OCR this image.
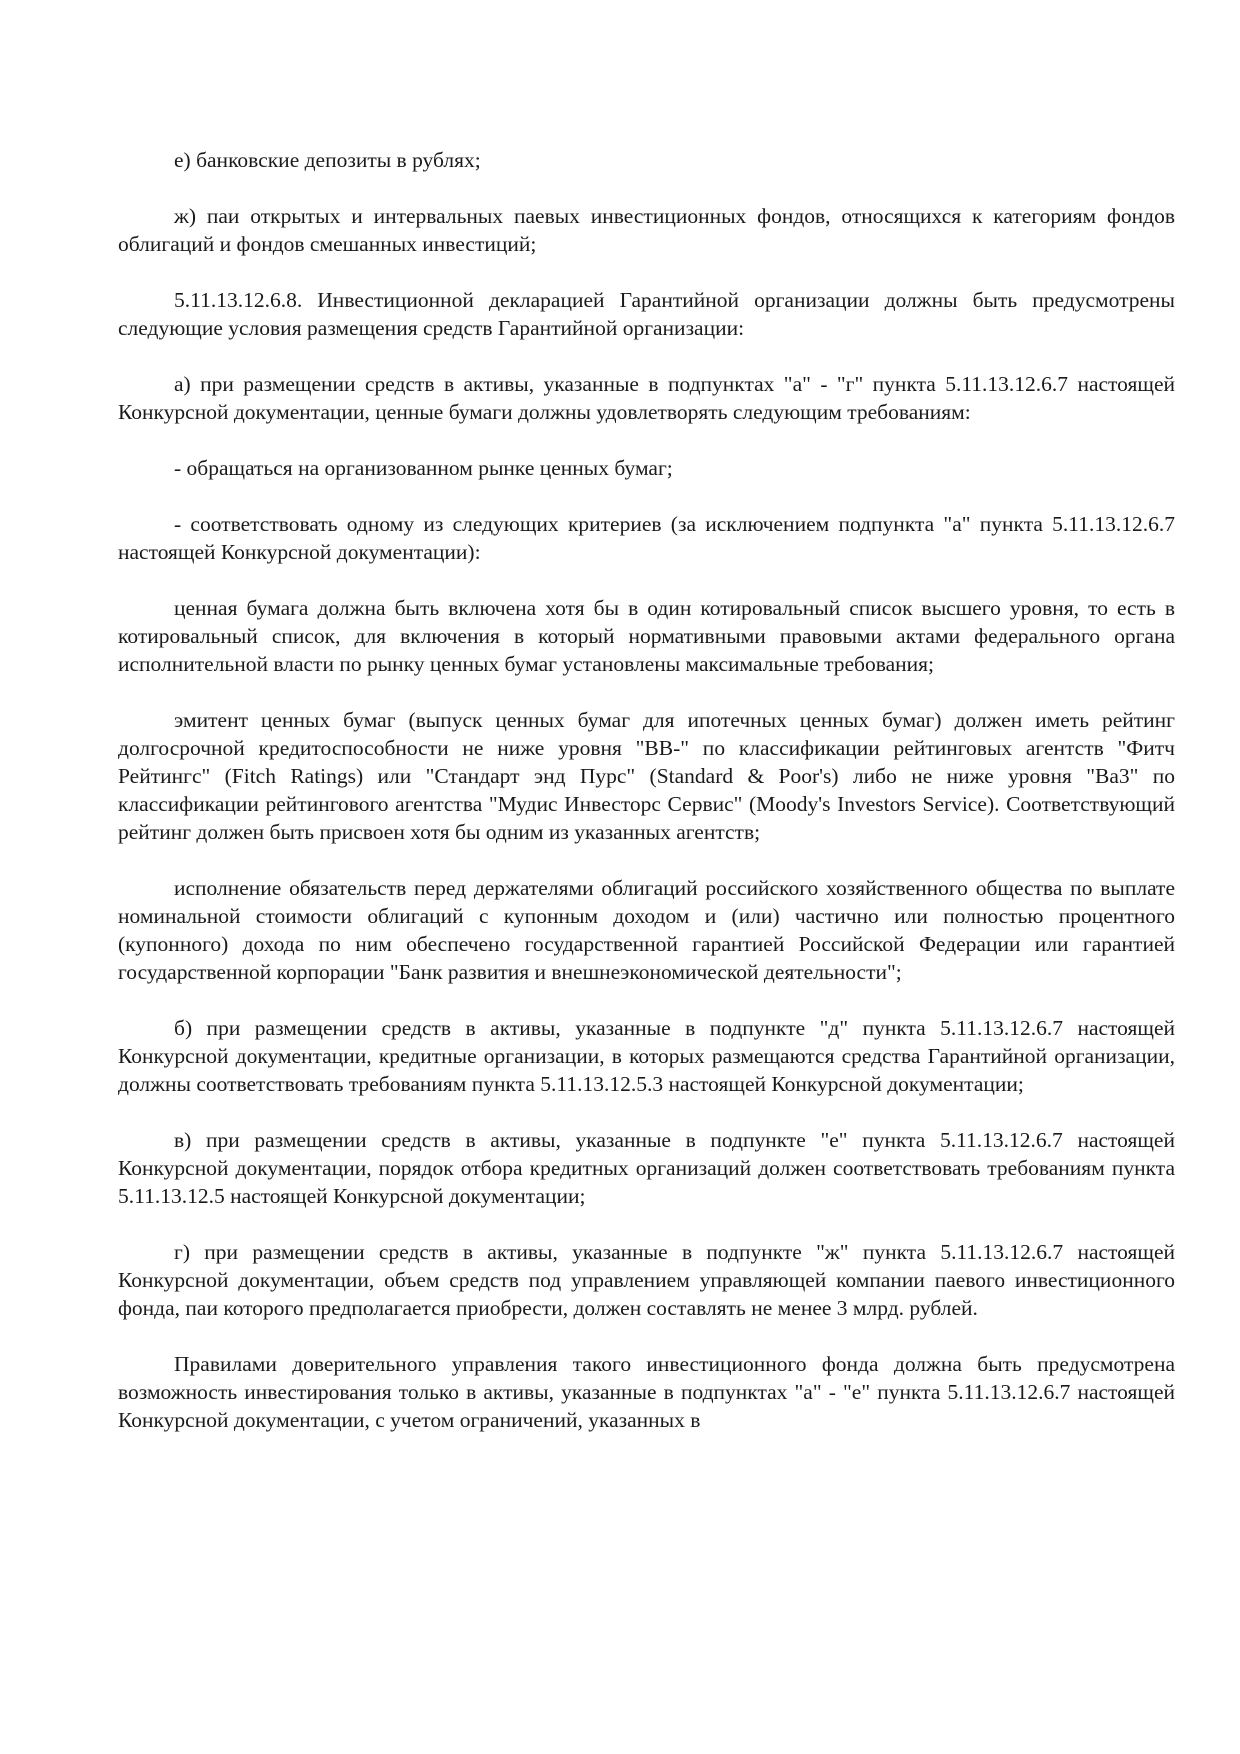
е) банковские депозиты в рублях;

ж) паи открытых и интервальных паевых инвестиционных фондов, относящихся к категориям фондов облигаций и фондов смешанных инвестиций;

5.11.13.12.6.8. Инвестиционной декларацией Гарантийной организации должны быть предусмотрены следующие условия размещения средств Гарантийной организации:

а) при размещении средств в активы, указанные в подпунктах "а" - "г" пункта 5.11.13.12.6.7 настоящей Конкурсной документации, ценные бумаги должны удовлетворять следующим требованиям:

- обращаться на организованном рынке ценных бумаг;

- соответствовать одному из следующих критериев (за исключением подпункта "а" пункта 5.11.13.12.6.7 настоящей Конкурсной документации):

ценная бумага должна быть включена хотя бы в один котировальный список высшего уровня, то есть в котировальный список, для включения в который нормативными правовыми актами федерального органа исполнительной власти по рынку ценных бумаг установлены максимальные требования;

эмитент ценных бумаг (выпуск ценных бумаг для ипотечных ценных бумаг) должен иметь рейтинг долгосрочной кредитоспособности не ниже уровня "BB-" по классификации рейтинговых агентств "Фитч Рейтингс" (Fitch Ratings) или "Стандарт энд Пурс" (Standard & Poor's) либо не ниже уровня "Ba3" по классификации рейтингового агентства "Мудис Инвесторс Сервис" (Moody's Investors Service). Соответствующий рейтинг должен быть присвоен хотя бы одним из указанных агентств;

исполнение обязательств перед держателями облигаций российского хозяйственного общества по выплате номинальной стоимости облигаций с купонным доходом и (или) частично или полностью процентного (купонного) дохода по ним обеспечено государственной гарантией Российской Федерации или гарантией государственной корпорации "Банк развития и внешнеэкономической деятельности";

б) при размещении средств в активы, указанные в подпункте "д" пункта 5.11.13.12.6.7 настоящей Конкурсной документации, кредитные организации, в которых размещаются средства Гарантийной организации, должны соответствовать требованиям пункта 5.11.13.12.5.3 настоящей Конкурсной документации;

в) при размещении средств в активы, указанные в подпункте "е" пункта 5.11.13.12.6.7 настоящей Конкурсной документации, порядок отбора кредитных организаций должен соответствовать требованиям пункта 5.11.13.12.5 настоящей Конкурсной документации;

г) при размещении средств в активы, указанные в подпункте "ж" пункта 5.11.13.12.6.7 настоящей Конкурсной документации, объем средств под управлением управляющей компании паевого инвестиционного фонда, паи которого предполагается приобрести, должен составлять не менее 3 млрд. рублей.

Правилами доверительного управления такого инвестиционного фонда должна быть предусмотрена возможность инвестирования только в активы, указанные в подпунктах "а" - "е" пункта 5.11.13.12.6.7 настоящей Конкурсной документации, с учетом ограничений, указанных в
